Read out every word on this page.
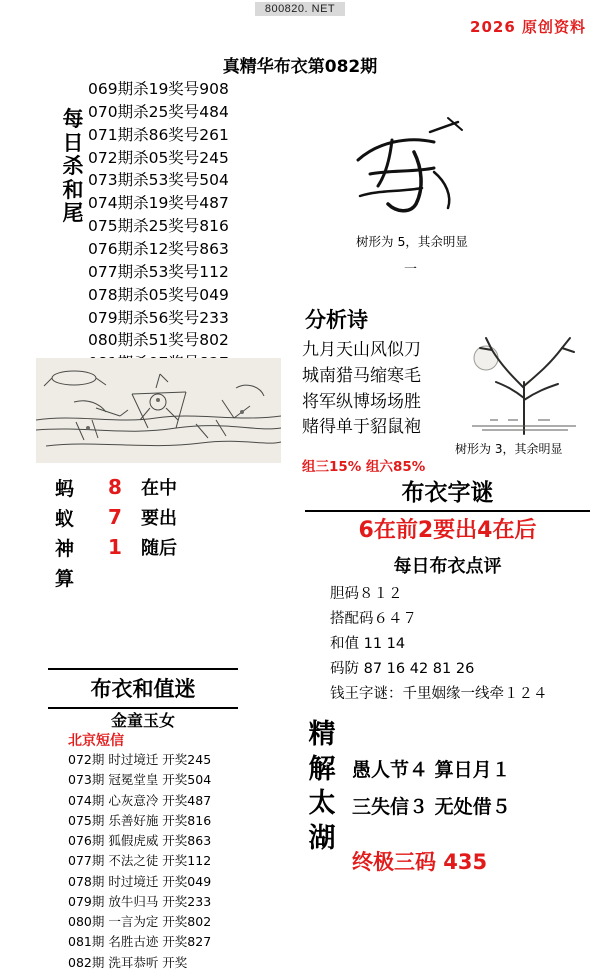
800820. NET
2026 原创资料
真精华布衣第082期
每日杀和尾
069期杀19奖号908
070期杀25奖号484
071期杀86奖号261
072期杀05奖号245
073期杀53奖号504
074期杀19奖号487
075期杀25奖号816
076期杀12奖号863
077期杀53奖号112
078期杀05奖号049
079期杀56奖号233
080期杀51奖号802
蚂	8	在中
蚁	7	要出
神	1	随后
算
布衣和值迷
金童玉女
北京短信
072期 时过境迁 开奖245
073期 冠冕堂皇 开奖504
074期 心灰意冷 开奖487
075期 乐善好施 开奖816
076期 狐假虎威 开奖863
077期 不法之徒 开奖112
078期 时过境迁 开奖049
079期 放牛归马 开奖233
080期 一言为定 开奖802
081期 名胜古迹 开奖827
082期 洗耳恭听 开奖
树形为 5，其余明显
一
分析诗
九月天山风似刀
城南猎马缩寒毛
将军纵博场场胜
赌得单于貂鼠袍
树形为 3，其余明显
组三15% 组六85%
布衣字谜
6在前2要出4在后
每日布衣点评
胆码８１２
搭配码６４７
和值 11 14
码防 87 16 42 81 26
钱王字谜：千里姻缘一线牵１２４
精解太湖
愚人节４ 算日月１
三失信３ 无处借５
终极三码 435
